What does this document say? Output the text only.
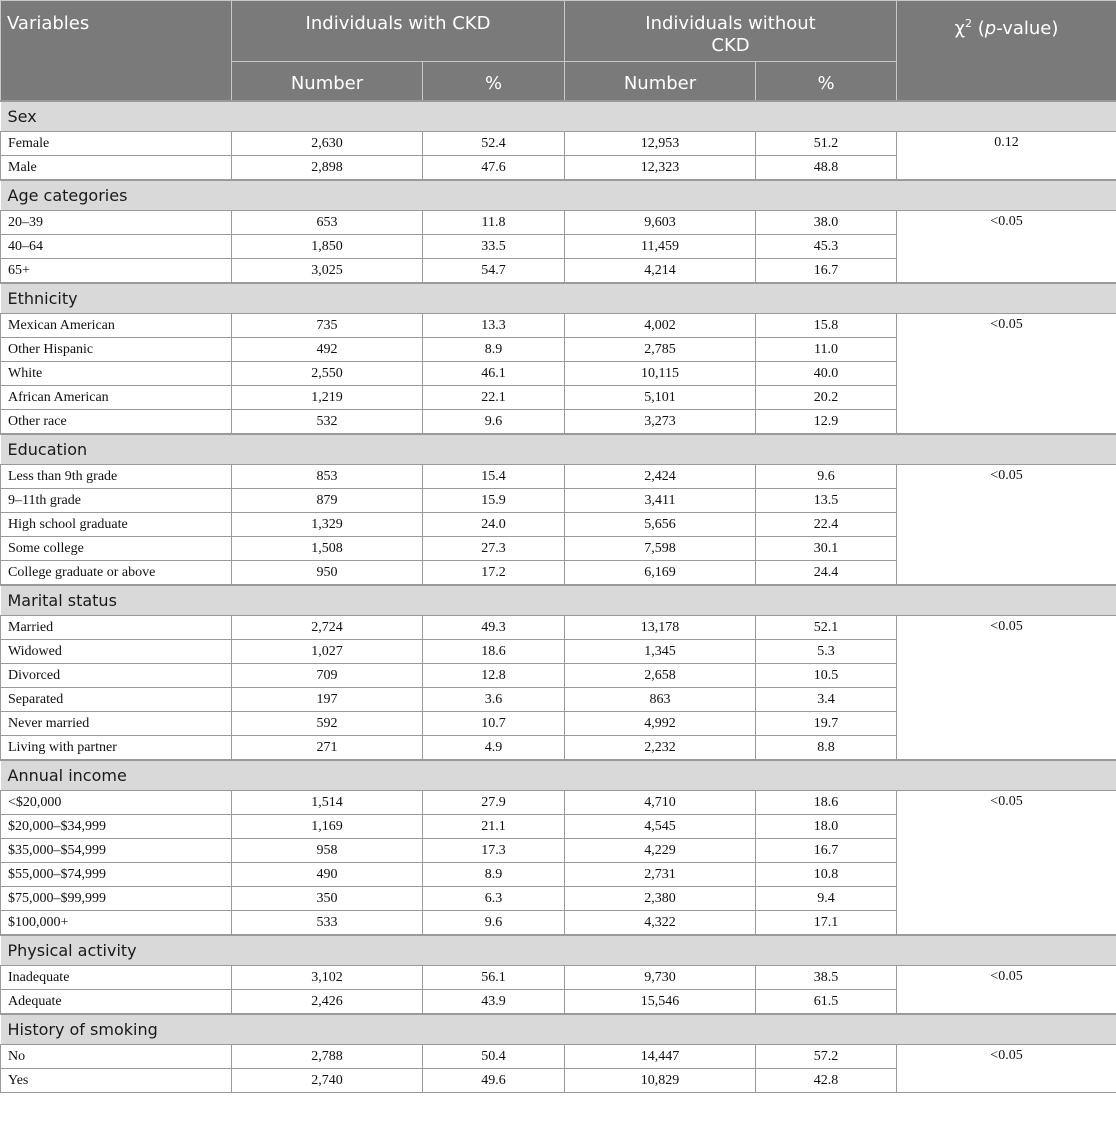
Variables	Individuals with CKD		Individuals without CKD		$\chi^2$ (p-value)
	Number	%	Number	%	
Sex					
Female	2,630	52.4	12,953	51.2	0.12
Male	2,898	47.6	12,323	48.8	
Age categories					
20–39	653	11.8	9,603	38.0	<0.05
40–64	1,850	33.5	11,459	45.3	
65+	3,025	54.7	4,214	16.7	
Ethnicity					
Mexican American	735	13.3	4,002	15.8	<0.05
Other Hispanic	492	8.9	2,785	11.0	
White	2,550	46.1	10,115	40.0	
African American	1,219	22.1	5,101	20.2	
Other race	532	9.6	3,273	12.9	
Education					
Less than 9th grade	853	15.4	2,424	9.6	<0.05
9–11th grade	879	15.9	3,411	13.5	
High school graduate	1,329	24.0	5,656	22.4	
Some college	1,508	27.3	7,598	30.1	
College graduate or above	950	17.2	6,169	24.4	
Marital status					
Married	2,724	49.3	13,178	52.1	<0.05
Widowed	1,027	18.6	1,345	5.3	
Divorced	709	12.8	2,658	10.5	
Separated	197	3.6	863	3.4	
Never married	592	10.7	4,992	19.7	
Living with partner	271	4.9	2,232	8.8	
Annual income					
<$20,000	1,514	27.9	4,710	18.6	<0.05
$20,000–$34,999	1,169	21.1	4,545	18.0	
$35,000–$54,999	958	17.3	4,229	16.7	
$55,000–$74,999	490	8.9	2,731	10.8	
$75,000–$99,999	350	6.3	2,380	9.4	
$100,000+	533	9.6	4,322	17.1	
Physical activity					
Inadequate	3,102	56.1	9,730	38.5	<0.05
Adequate	2,426	43.9	15,546	61.5	
History of smoking					
No	2,788	50.4	14,447	57.2	<0.05
Yes	2,740	49.6	10,829	42.8	
